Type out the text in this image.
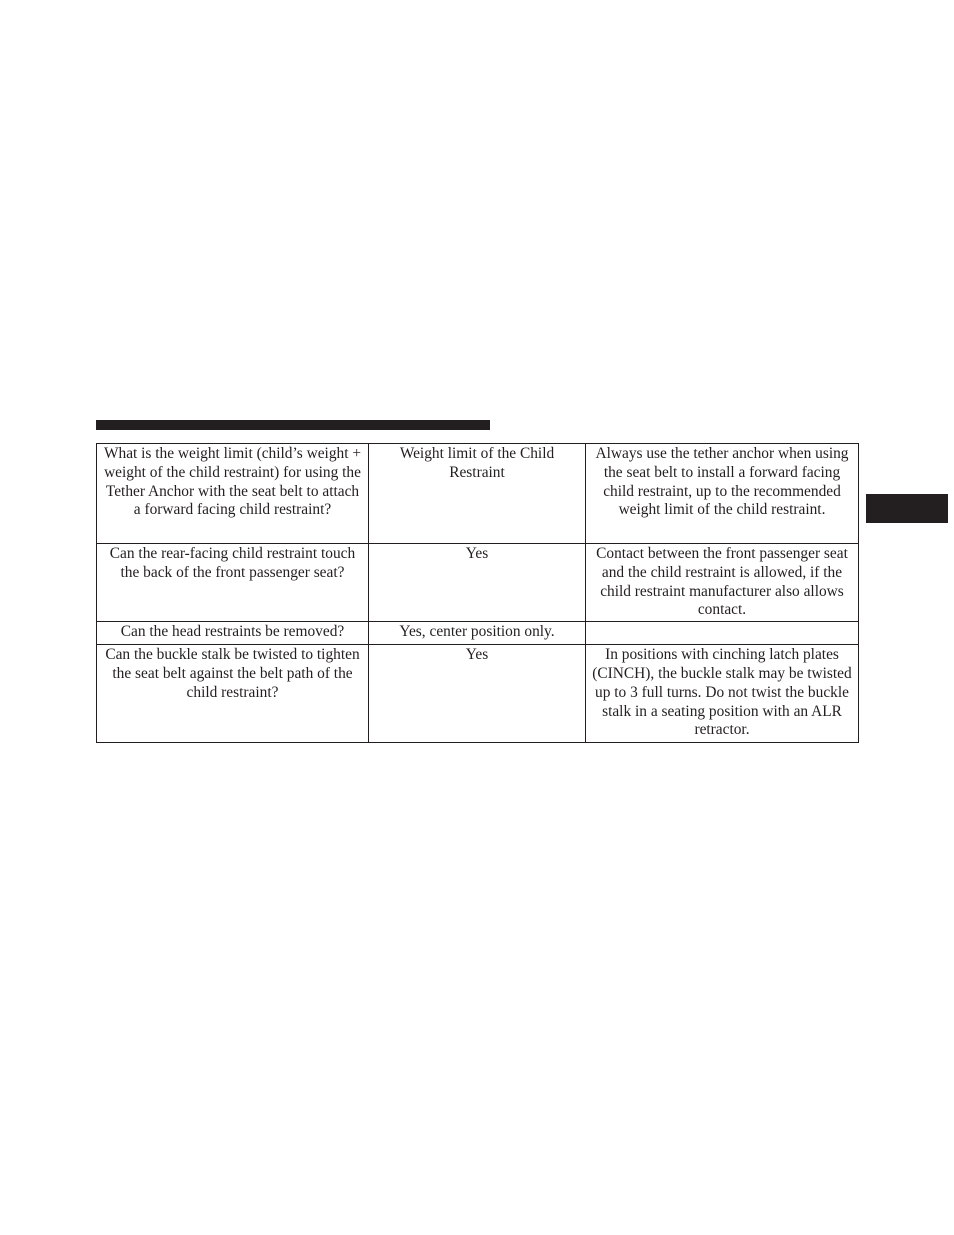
What is the weight limit (child’s weight + weight of the child restraint) for using the Tether Anchor with the seat belt to attach a forward facing child restraint?	Weight limit of the Child Restraint	Always use the tether anchor when using the seat belt to install a forward facing child restraint, up to the recommended weight limit of the child restraint.
Can the rear-facing child restraint touch the back of the front passenger seat?	Yes	Contact between the front passenger seat and the child restraint is allowed, if the child restraint manufacturer also allows contact.
Can the head restraints be removed?	Yes, center position only.	
Can the buckle stalk be twisted to tighten the seat belt against the belt path of the child restraint?	Yes	In positions with cinching latch plates (CINCH), the buckle stalk may be twisted up to 3 full turns. Do not twist the buckle stalk in a seating position with an ALR retractor.
